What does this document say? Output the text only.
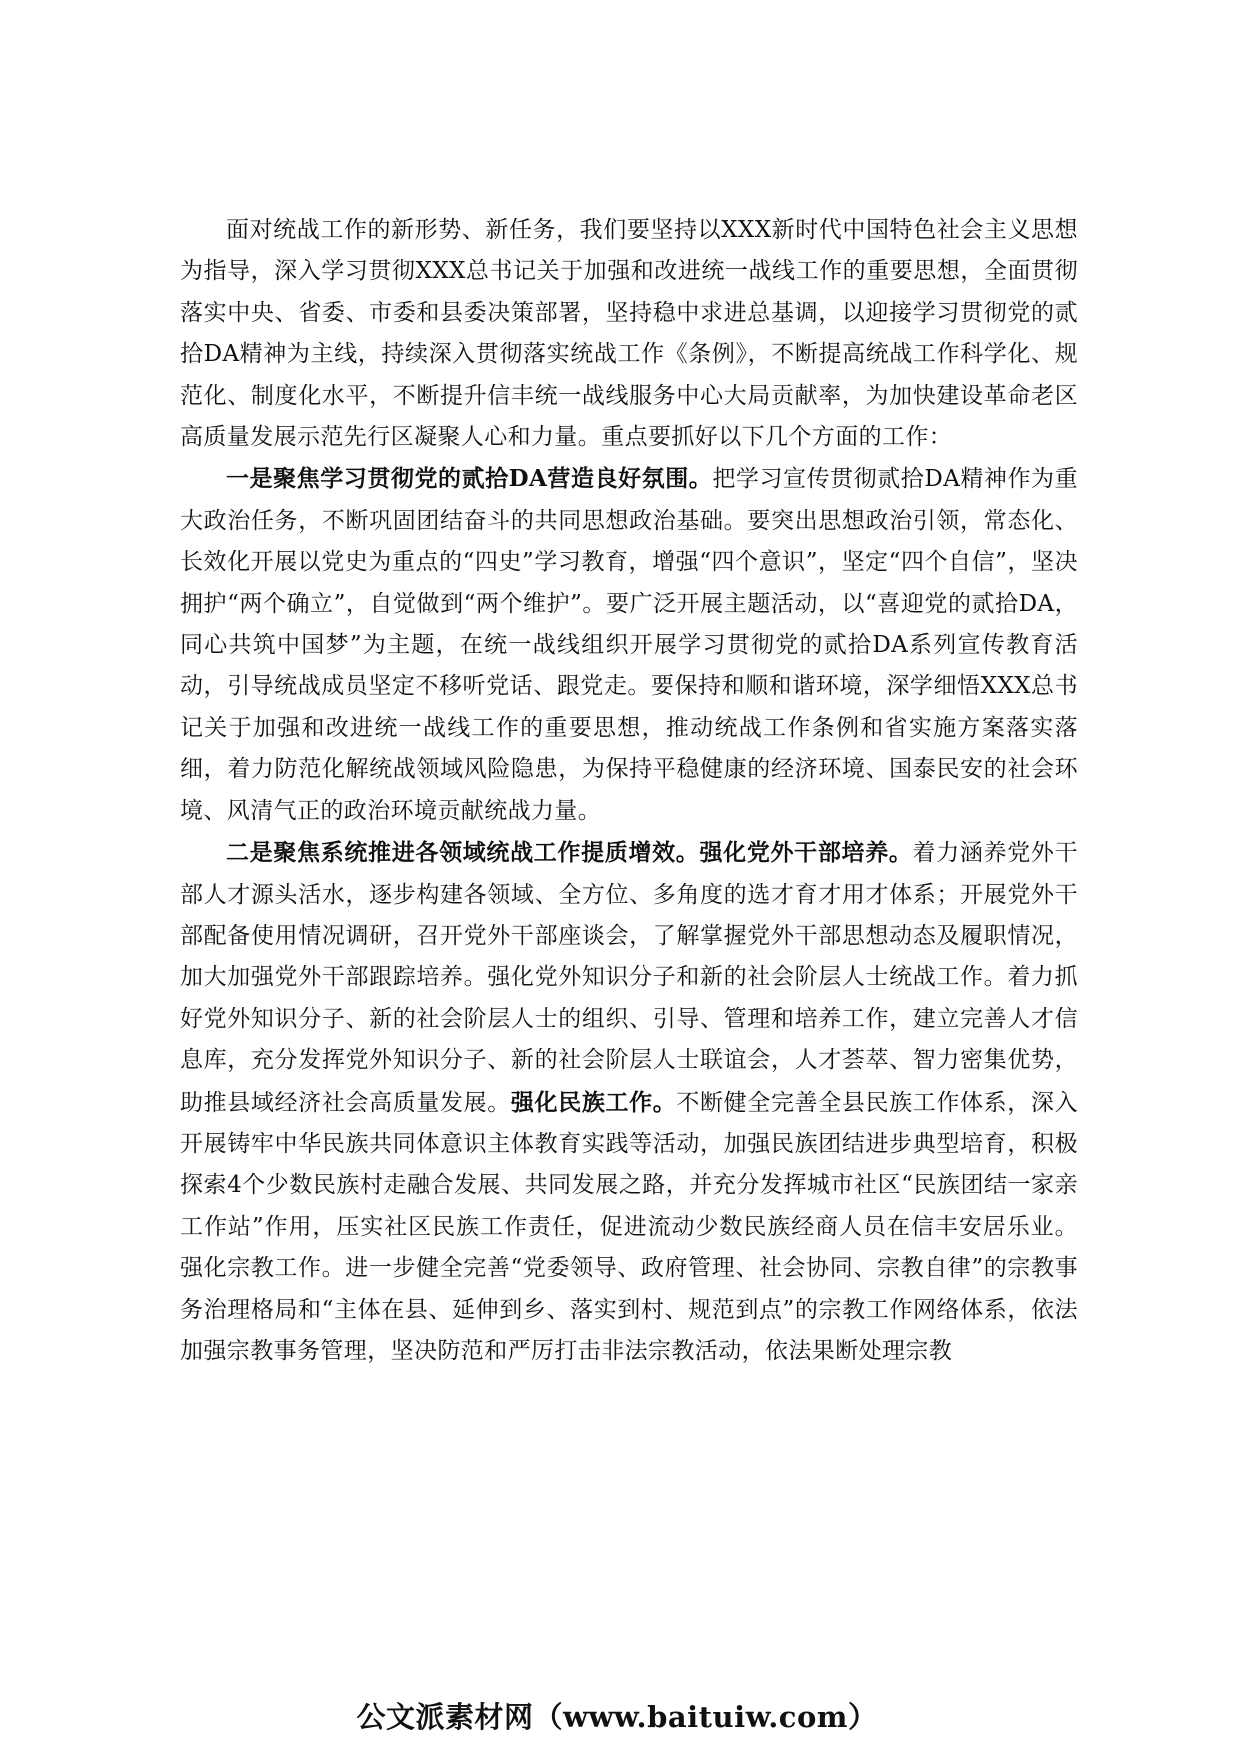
面对统战工作的新形势、新任务，我们要坚持以XXX新时代中国特色社会主义思想为指导，深入学习贯彻XXX总书记关于加强和改进统一战线工作的重要思想，全面贯彻落实中央、省委、市委和县委决策部署，坚持稳中求进总基调，以迎接学习贯彻党的贰拾DA精神为主线，持续深入贯彻落实统战工作《条例》，不断提高统战工作科学化、规范化、制度化水平，不断提升信丰统一战线服务中心大局贡献率，为加快建设革命老区高质量发展示范先行区凝聚人心和力量。重点要抓好以下几个方面的工作：

一是聚焦学习贯彻党的贰拾DA营造良好氛围。把学习宣传贯彻贰拾DA精神作为重大政治任务，不断巩固团结奋斗的共同思想政治基础。要突出思想政治引领，常态化、长效化开展以党史为重点的“四史”学习教育，增强“四个意识”，坚定“四个自信”，坚决拥护“两个确立”，自觉做到“两个维护”。要广泛开展主题活动，以“喜迎党的贰拾DA，同心共筑中国梦”为主题，在统一战线组织开展学习贯彻党的贰拾DA系列宣传教育活动，引导统战成员坚定不移听党话、跟党走。要保持和顺和谐环境，深学细悟XXX总书记关于加强和改进统一战线工作的重要思想，推动统战工作条例和省实施方案落实落细，着力防范化解统战领域风险隐患，为保持平稳健康的经济环境、国泰民安的社会环境、风清气正的政治环境贡献统战力量。

二是聚焦系统推进各领域统战工作提质增效。强化党外干部培养。着力涵养党外干部人才源头活水，逐步构建各领域、全方位、多角度的选才育才用才体系；开展党外干部配备使用情况调研，召开党外干部座谈会，了解掌握党外干部思想动态及履职情况，加大加强党外干部跟踪培养。强化党外知识分子和新的社会阶层人士统战工作。着力抓好党外知识分子、新的社会阶层人士的组织、引导、管理和培养工作，建立完善人才信息库，充分发挥党外知识分子、新的社会阶层人士联谊会，人才荟萃、智力密集优势，助推县域经济社会高质量发展。强化民族工作。不断健全完善全县民族工作体系，深入开展铸牢中华民族共同体意识主体教育实践等活动，加强民族团结进步典型培育，积极探索4个少数民族村走融合发展、共同发展之路，并充分发挥城市社区“民族团结一家亲工作站”作用，压实社区民族工作责任，促进流动少数民族经商人员在信丰安居乐业。强化宗教工作。进一步健全完善“党委领导、政府管理、社会协同、宗教自律”的宗教事务治理格局和“主体在县、延伸到乡、落实到村、规范到点”的宗教工作网络体系，依法加强宗教事务管理，坚决防范和严厉打击非法宗教活动，依法果断处理宗教

公文派素材网（www.baituiw.com）
